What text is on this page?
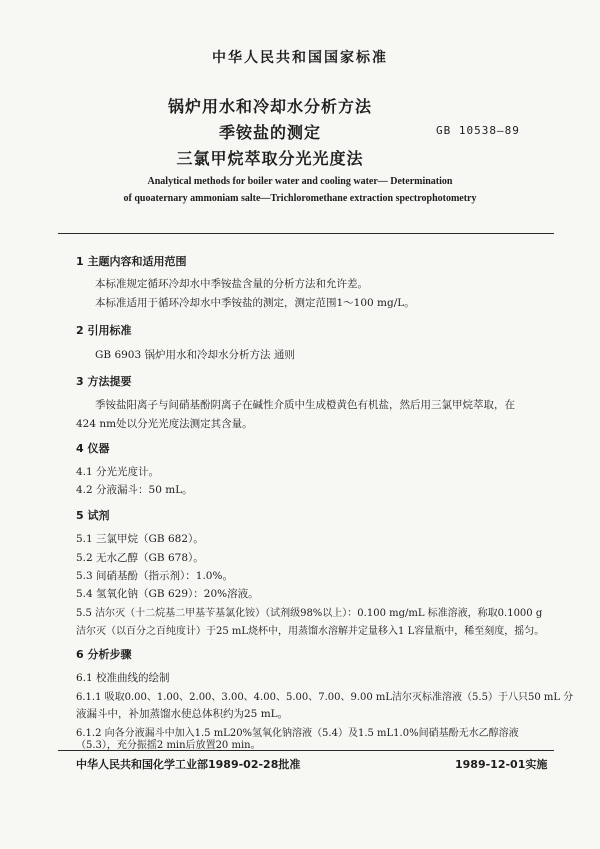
中华人民共和国国家标准
锅炉用水和冷却水分析方法
季铵盐的测定
三氯甲烷萃取分光光度法
GB 10538—89
Analytical methods for boiler water and cooling water— Determination
of quoaternary ammoniam salte—Trichloromethane extraction spectrophotometry
1 主题内容和适用范围
本标准规定循环冷却水中季铵盐含量的分析方法和允许差。
本标准适用于循环冷却水中季铵盐的测定，测定范围1～100 mg/L。
2 引用标准
GB 6903 锅炉用水和冷却水分析方法 通则
3 方法提要
季铵盐阳离子与间硝基酚阴离子在碱性介质中生成橙黄色有机盐，然后用三氯甲烷萃取，在
424 nm处以分光光度法测定其含量。
4 仪器
4.1 分光光度计。
4.2 分液漏斗：50 mL。
5 试剂
5.1 三氯甲烷（GB 682）。
5.2 无水乙醇（GB 678）。
5.3 间硝基酚（指示剂）：1.0%。
5.4 氢氧化钠（GB 629）：20%溶液。
5.5 洁尔灭（十二烷基二甲基苄基氯化铵）（试剂级98%以上）：0.100 mg/mL 标准溶液，称取0.1000 g
洁尔灭（以百分之百纯度计）于25 mL烧杯中，用蒸馏水溶解并定量移入1 L容量瓶中，稀至刻度，摇匀。
6 分析步骤
6.1 校准曲线的绘制
6.1.1 吸取0.00、1.00、2.00、3.00、4.00、5.00、7.00、9.00 mL洁尔灭标准溶液（5.5）于八只50 mL 分
液漏斗中，补加蒸馏水使总体积约为25 mL。
6.1.2 向各分液漏斗中加入1.5 mL20%氢氧化钠溶液（5.4）及1.5 mL1.0%间硝基酚无水乙醇溶液
中华人民共和国化学工业部1989-02-28批准	1989-12-01实施
（5.3），充分振摇2 min后放置20 min。
